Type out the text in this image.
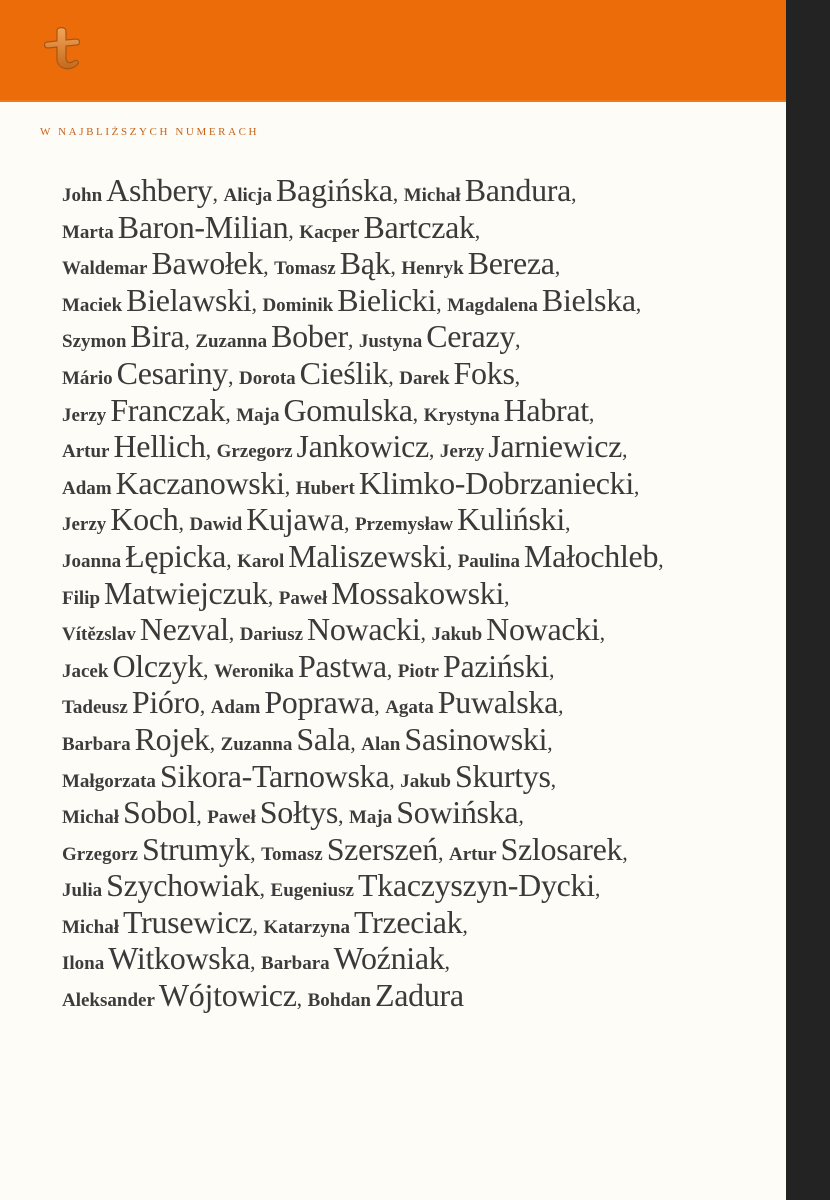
W NAJBLIŻSZYCH NUMERACH
John Ashbery, Alicja Bagińska, Michał Bandura,
Marta Baron-Milian, Kacper Bartczak,
Waldemar Bawołek, Tomasz Bąk, Henryk Bereza,
Maciek Bielawski, Dominik Bielicki, Magdalena Bielska,
Szymon Bira, Zuzanna Bober, Justyna Cerazy,
Mário Cesariny, Dorota Cieślik, Darek Foks,
Jerzy Franczak, Maja Gomulska, Krystyna Habrat,
Artur Hellich, Grzegorz Jankowicz, Jerzy Jarniewicz,
Adam Kaczanowski, Hubert Klimko-Dobrzaniecki,
Jerzy Koch, Dawid Kujawa, Przemysław Kuliński,
Joanna Łępicka, Karol Maliszewski, Paulina Małochleb,
Filip Matwiejczuk, Paweł Mossakowski,
Vítězslav Nezval, Dariusz Nowacki, Jakub Nowacki,
Jacek Olczyk, Weronika Pastwa, Piotr Paziński,
Tadeusz Pióro, Adam Poprawa, Agata Puwalska,
Barbara Rojek, Zuzanna Sala, Alan Sasinowski,
Małgorzata Sikora-Tarnowska, Jakub Skurtys,
Michał Sobol, Paweł Sołtys, Maja Sowińska,
Grzegorz Strumyk, Tomasz Szerszeń, Artur Szlosarek,
Julia Szychowiak, Eugeniusz Tkaczyszyn-Dycki,
Michał Trusewicz, Katarzyna Trzeciak,
Ilona Witkowska, Barbara Woźniak,
Aleksander Wójtowicz, Bohdan Zadura
